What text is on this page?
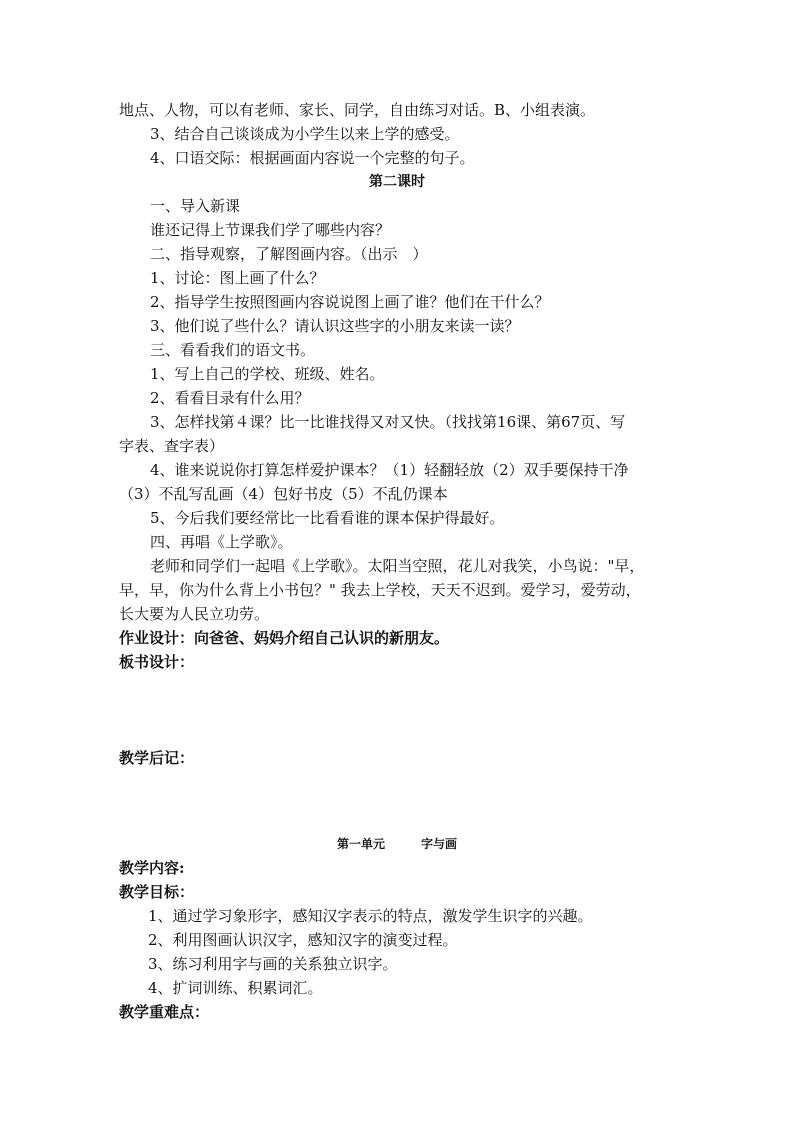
地点、人物，可以有老师、家长、同学，自由练习对话。B、小组表演。
3、结合自己谈谈成为小学生以来上学的感受。
4、口语交际：根据画面内容说一个完整的句子。
第二课时
一、导入新课
谁还记得上节课我们学了哪些内容？
二、指导观察，了解图画内容。（出示　）
1、讨论：图上画了什么？
2、指导学生按照图画内容说说图上画了谁？他们在干什么？
3、他们说了些什么？请认识这些字的小朋友来读一读？
三、看看我们的语文书。
1、写上自己的学校、班级、姓名。
2、看看目录有什么用？
3、怎样找第４课？比一比谁找得又对又快。（找找第16课、第67页、写
字表、查字表）
4、谁来说说你打算怎样爱护课本？（1）轻翻轻放（2）双手要保持干净
（3）不乱写乱画（4）包好书皮（5）不乱仍课本
5、今后我们要经常比一比看看谁的课本保护得最好。
四、再唱《上学歌》。
老师和同学们一起唱《上学歌》。太阳当空照，花儿对我笑，小鸟说："早，
早，早，你为什么背上小书包？" 我去上学校，天天不迟到。爱学习，爱劳动，
长大要为人民立功劳。
作业设计：向爸爸、妈妈介绍自己认识的新朋友。
板书设计：
教学后记：
第一单元	字与画
教学内容:
教学目标：
1、通过学习象形字，感知汉字表示的特点，激发学生识字的兴趣。
2、利用图画认识汉字，感知汉字的演变过程。
3、练习利用字与画的关系独立识字。
4、扩词训练、积累词汇。
教学重难点：
